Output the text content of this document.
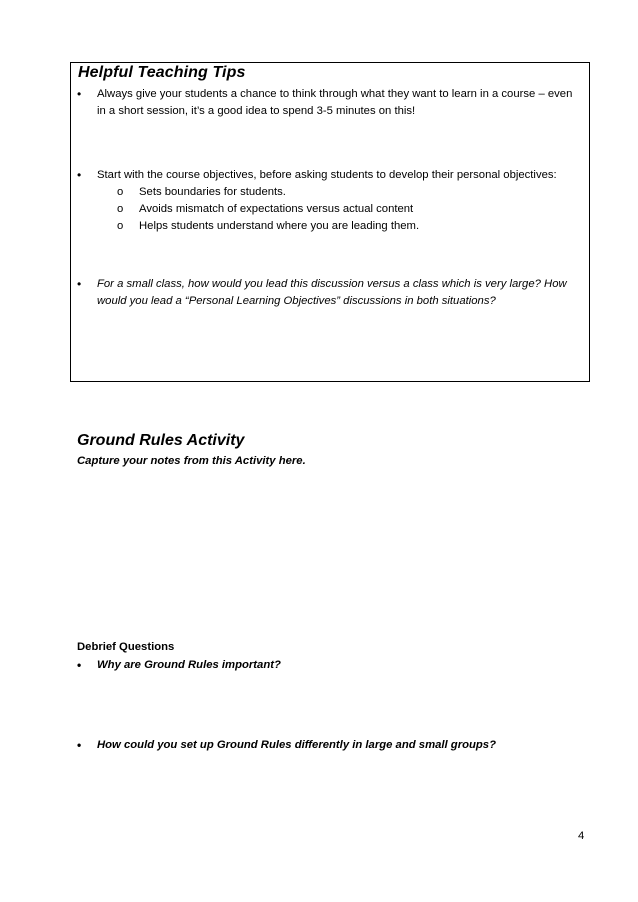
Helpful Teaching Tips
• Always give your students a chance to think through what they want to learn in a course – even in a short session, it’s a good idea to spend 3-5 minutes on this!
• Start with the course objectives, before asking students to develop their personal objectives:
o Sets boundaries for students.
o Avoids mismatch of expectations versus actual content
o Helps students understand where you are leading them.
• For a small class, how would you lead this discussion versus a class which is very large? How would you lead a “Personal Learning Objectives” discussions in both situations?
Ground Rules Activity

Capture your notes from this Activity here.

Debrief Questions

• Why are Ground Rules important?
• How could you set up Ground Rules differently in large and small groups?
4
